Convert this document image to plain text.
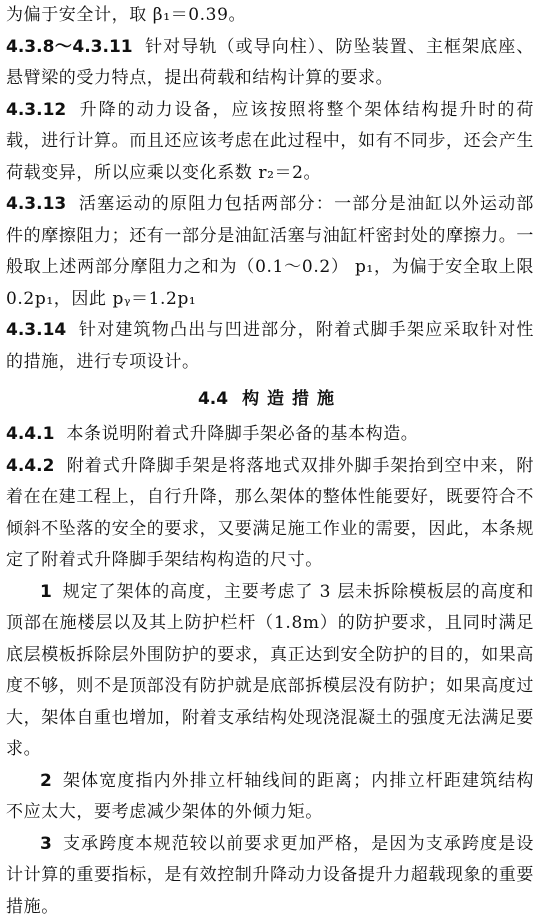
为偏于安全计，取 β₁＝0.39。

4.3.8～4.3.11 针对导轨（或导向柱）、防坠装置、主框架底座、悬臂梁的受力特点，提出荷载和结构计算的要求。

4.3.12 升降的动力设备，应该按照将整个架体结构提升时的荷载，进行计算。而且还应该考虑在此过程中，如有不同步，还会产生荷载变异，所以应乘以变化系数 r₂＝2。

4.3.13 活塞运动的原阻力包括两部分：一部分是油缸以外运动部件的摩擦阻力；还有一部分是油缸活塞与油缸杆密封处的摩擦力。一般取上述两部分摩阻力之和为（0.1～0.2） p₁，为偏于安全取上限 0.2p₁，因此 pᵧ＝1.2p₁

4.3.14 针对建筑物凸出与凹进部分，附着式脚手架应采取针对性的措施，进行专项设计。

4.4 构造措施

4.4.1 本条说明附着式升降脚手架必备的基本构造。

4.4.2 附着式升降脚手架是将落地式双排外脚手架抬到空中来，附着在在建工程上，自行升降，那么架体的整体性能要好，既要符合不倾斜不坠落的安全的要求，又要满足施工作业的需要，因此，本条规定了附着式升降脚手架结构构造的尺寸。

1 规定了架体的高度，主要考虑了 3 层未拆除模板层的高度和顶部在施楼层以及其上防护栏杆（1.8m）的防护要求，且同时满足底层模板拆除层外围防护的要求，真正达到安全防护的目的，如果高度不够，则不是顶部没有防护就是底部拆模层没有防护；如果高度过大，架体自重也增加，附着支承结构处现浇混凝土的强度无法满足要求。

2 架体宽度指内外排立杆轴线间的距离；内排立杆距建筑结构不应太大，要考虑减少架体的外倾力矩。

3 支承跨度本规范较以前要求更加严格，是因为支承跨度是设计计算的重要指标，是有效控制升降动力设备提升力超载现象的重要措施。
